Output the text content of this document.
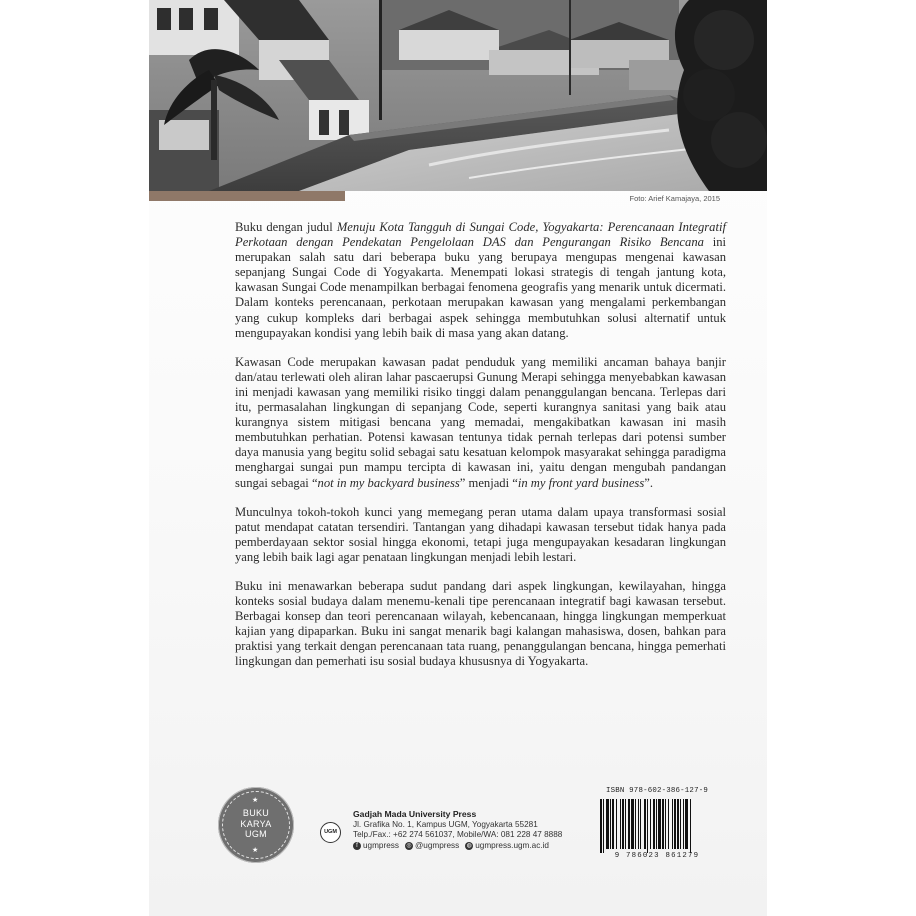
Foto: Arief Kamajaya, 2015

Buku dengan judul Menuju Kota Tangguh di Sungai Code, Yogyakarta: Perencanaan Integratif Perkotaan dengan Pendekatan Pengelolaan DAS dan Pengurangan Risiko Bencana ini merupakan salah satu dari beberapa buku yang berupaya mengupas mengenai kawasan sepanjang Sungai Code di Yogyakarta. Menempati lokasi strategis di tengah jantung kota, kawasan Sungai Code menampilkan berbagai fenomena geografis yang menarik untuk dicermati. Dalam konteks perencanaan, perkotaan merupakan kawasan yang mengalami perkembangan yang cukup kompleks dari berbagai aspek sehingga membutuhkan solusi alternatif untuk mengupayakan kondisi yang lebih baik di masa yang akan datang.

Kawasan Code merupakan kawasan padat penduduk yang memiliki ancaman bahaya banjir dan/atau terlewati oleh aliran lahar pascaerupsi Gunung Merapi sehingga menyebabkan kawasan ini menjadi kawasan yang memiliki risiko tinggi dalam penanggulangan bencana. Terlepas dari itu, permasalahan lingkungan di sepanjang Code, seperti kurangnya sanitasi yang baik atau kurangnya sistem mitigasi bencana yang memadai, mengakibatkan kawasan ini masih membutuhkan perhatian. Potensi kawasan tentunya tidak pernah terlepas dari potensi sumber daya manusia yang begitu solid sebagai satu kesatuan kelompok masyarakat sehingga paradigma menghargai sungai pun mampu tercipta di kawasan ini, yaitu dengan mengubah pandangan sungai sebagai “not in my backyard business” menjadi “in my front yard business”.

Munculnya tokoh-tokoh kunci yang memegang peran utama dalam upaya transformasi sosial patut mendapat catatan tersendiri. Tantangan yang dihadapi kawasan tersebut tidak hanya pada pemberdayaan sektor sosial hingga ekonomi, tetapi juga mengupayakan kesadaran lingkungan yang lebih baik lagi agar penataan lingkungan menjadi lebih lestari.

Buku ini menawarkan beberapa sudut pandang dari aspek lingkungan, kewilayahan, hingga konteks sosial budaya dalam menemu-kenali tipe perencanaan integratif bagi kawasan tersebut. Berbagai konsep dan teori perencanaan wilayah, kebencanaan, hingga lingkungan memperkuat kajian yang dipaparkan. Buku ini sangat menarik bagi kalangan mahasiswa, dosen, bahkan para praktisi yang terkait dengan perencanaan tata ruang, penanggulangan bencana, hingga pemerhati lingkungan dan pemerhati isu sosial budaya khususnya di Yogyakarta.

★
BUKU
KARYA
UGM
★
UGM
Gadjah Mada University Press
Jl. Grafika No. 1, Kampus UGM, Yogyakarta 55281
Telp./Fax.: +62 274 561037, Mobile/WA: 081 228 47 8888
f ugmpress ◎ @ugmpress ◍ ugmpress.ugm.ac.id
ISBN 978-602-386-127-9
9 786023 861279
